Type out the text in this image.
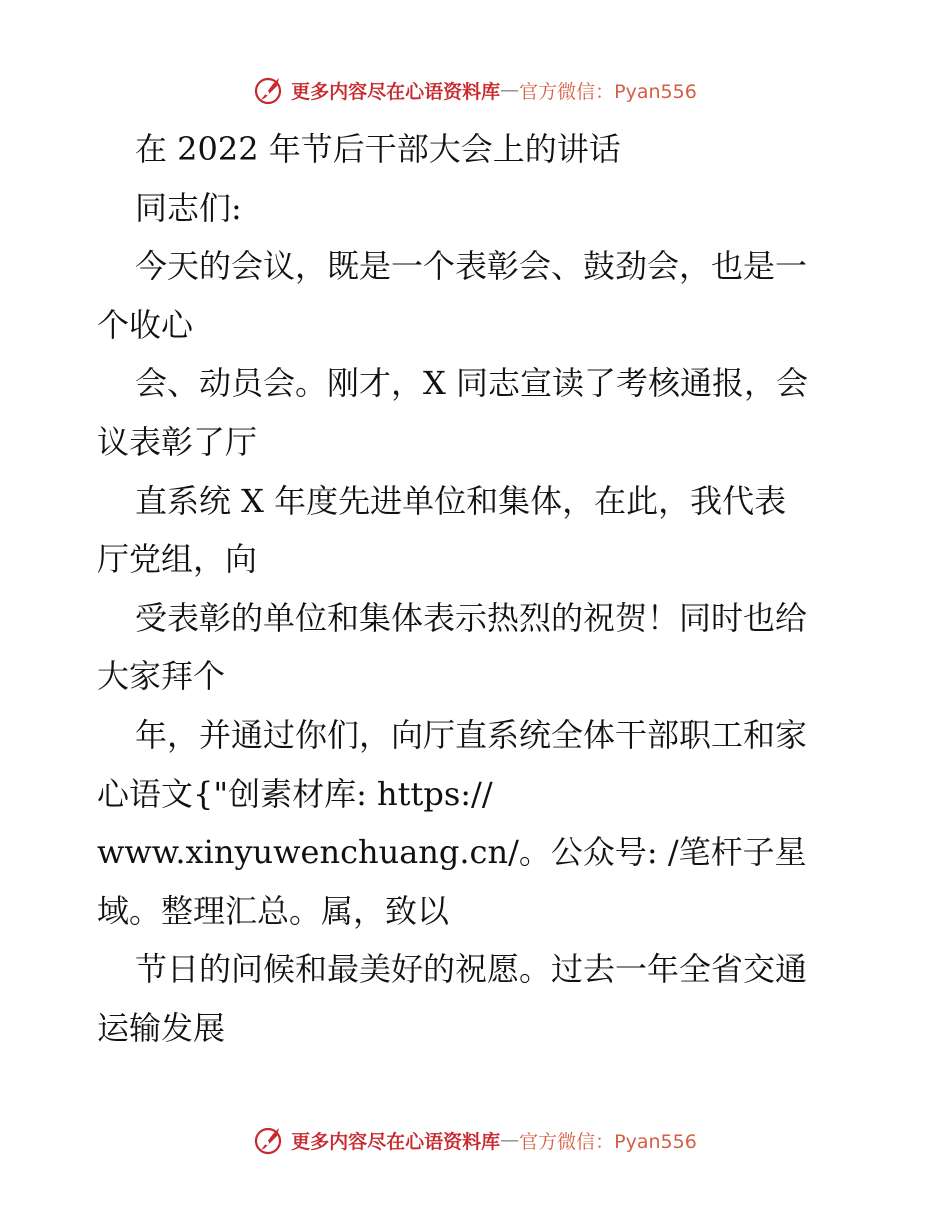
更多内容尽在心语资料库 — 官方微信：Pyan556
在 2022 年节后干部大会上的讲话
同志们:
今天的会议，既是一个表彰会、鼓劲会，也是一
个收心
会、动员会。刚才，X 同志宣读了考核通报，会
议表彰了厅
直系统 X 年度先进单位和集体，在此，我代表
厅党组，向
受表彰的单位和集体表示热烈的祝贺！同时也给
大家拜个
年，并通过你们，向厅直系统全体干部职工和家
心语文{"创素材库: https://
www.xinyuwenchuang.cn/。公众号: /笔杆子星
域。整理汇总。属，致以
节日的问候和最美好的祝愿。过去一年全省交通
运输发展
更多内容尽在心语资料库 — 官方微信：Pyan556
